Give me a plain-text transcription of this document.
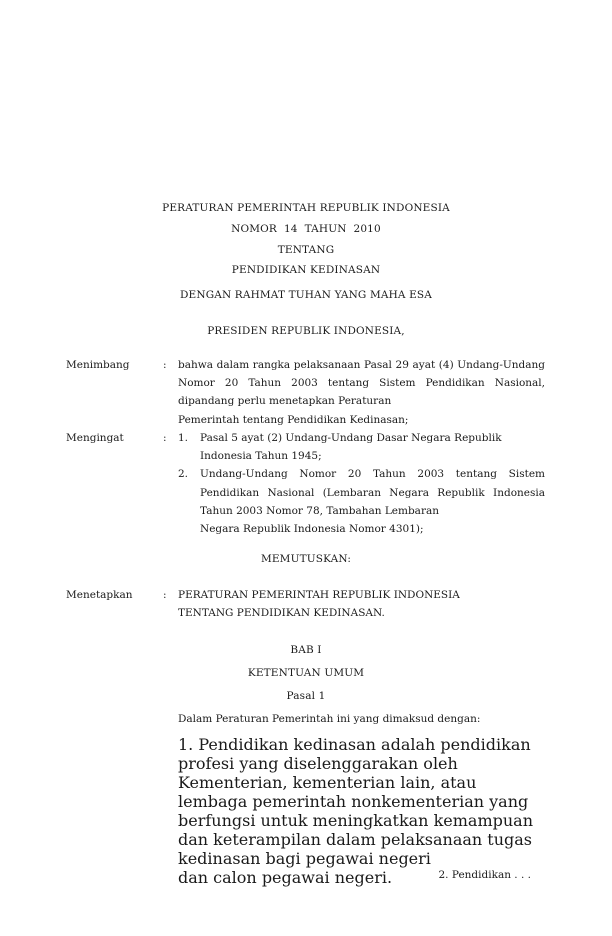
PERATURAN PEMERINTAH REPUBLIK INDONESIA
NOMOR  14  TAHUN  2010
TENTANG
PENDIDIKAN KEDINASAN
DENGAN RAHMAT TUHAN YANG MAHA ESA
PRESIDEN REPUBLIK INDONESIA,
Menimbang	: bahwa dalam rangka pelaksanaan Pasal 29 ayat (4) Undang-Undang Nomor 20 Tahun 2003 tentang Sistem Pendidikan Nasional, dipandang perlu menetapkan Peraturan

Pemerintah tentang Pendidikan Kedinasan;

Mengingat	: 1. Pasal 5 ayat (2) Undang-Undang Dasar Negara Republik
Indonesia Tahun 1945;
2. Undang-Undang Nomor 20 Tahun 2003 tentang Sistem Pendidikan Nasional (Lembaran Negara Republik Indonesia Tahun 2003 Nomor 78, Tambahan Lembaran
Negara Republik Indonesia Nomor 4301);
MEMUTUSKAN:
Menetapkan	: PERATURAN PEMERINTAH REPUBLIK INDONESIA

TENTANG PENDIDIKAN KEDINASAN.

BAB I
KETENTUAN UMUM
Pasal 1
Dalam Peraturan Pemerintah ini yang dimaksud dengan:
1. Pendidikan kedinasan adalah pendidikan profesi yang diselenggarakan oleh Kementerian, kementerian lain, atau lembaga pemerintah nonkementerian yang berfungsi untuk meningkatkan kemampuan dan keterampilan dalam pelaksanaan tugas kedinasan bagi pegawai negeri
dan calon pegawai negeri.	2. Pendidikan . . .
